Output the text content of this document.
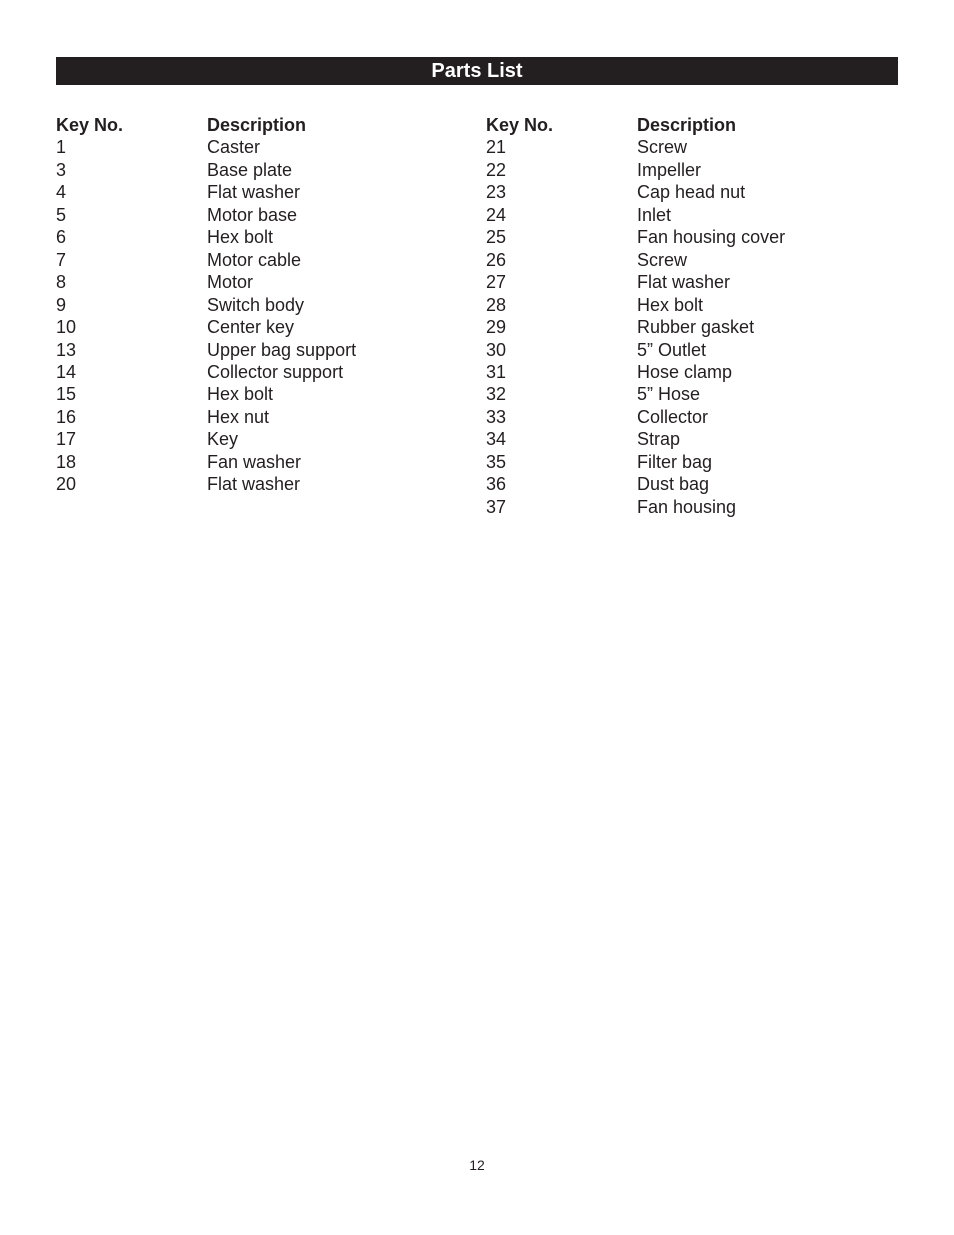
Parts List
Key No.	Description
1	Caster
3	Base plate
4	Flat washer
5	Motor base
6	Hex bolt
7	Motor cable
8	Motor
9	Switch body
10	Center key
13	Upper bag support
14	Collector support
15	Hex bolt
16	Hex nut
17	Key
18	Fan washer
20	Flat washer
Key No.	Description
21	Screw
22	Impeller
23	Cap head nut
24	Inlet
25	Fan housing cover
26	Screw
27	Flat washer
28	Hex bolt
29	Rubber gasket
30	5” Outlet
31	Hose clamp
32	5” Hose
33	Collector
34	Strap
35	Filter bag
36	Dust bag
37	Fan housing
12
